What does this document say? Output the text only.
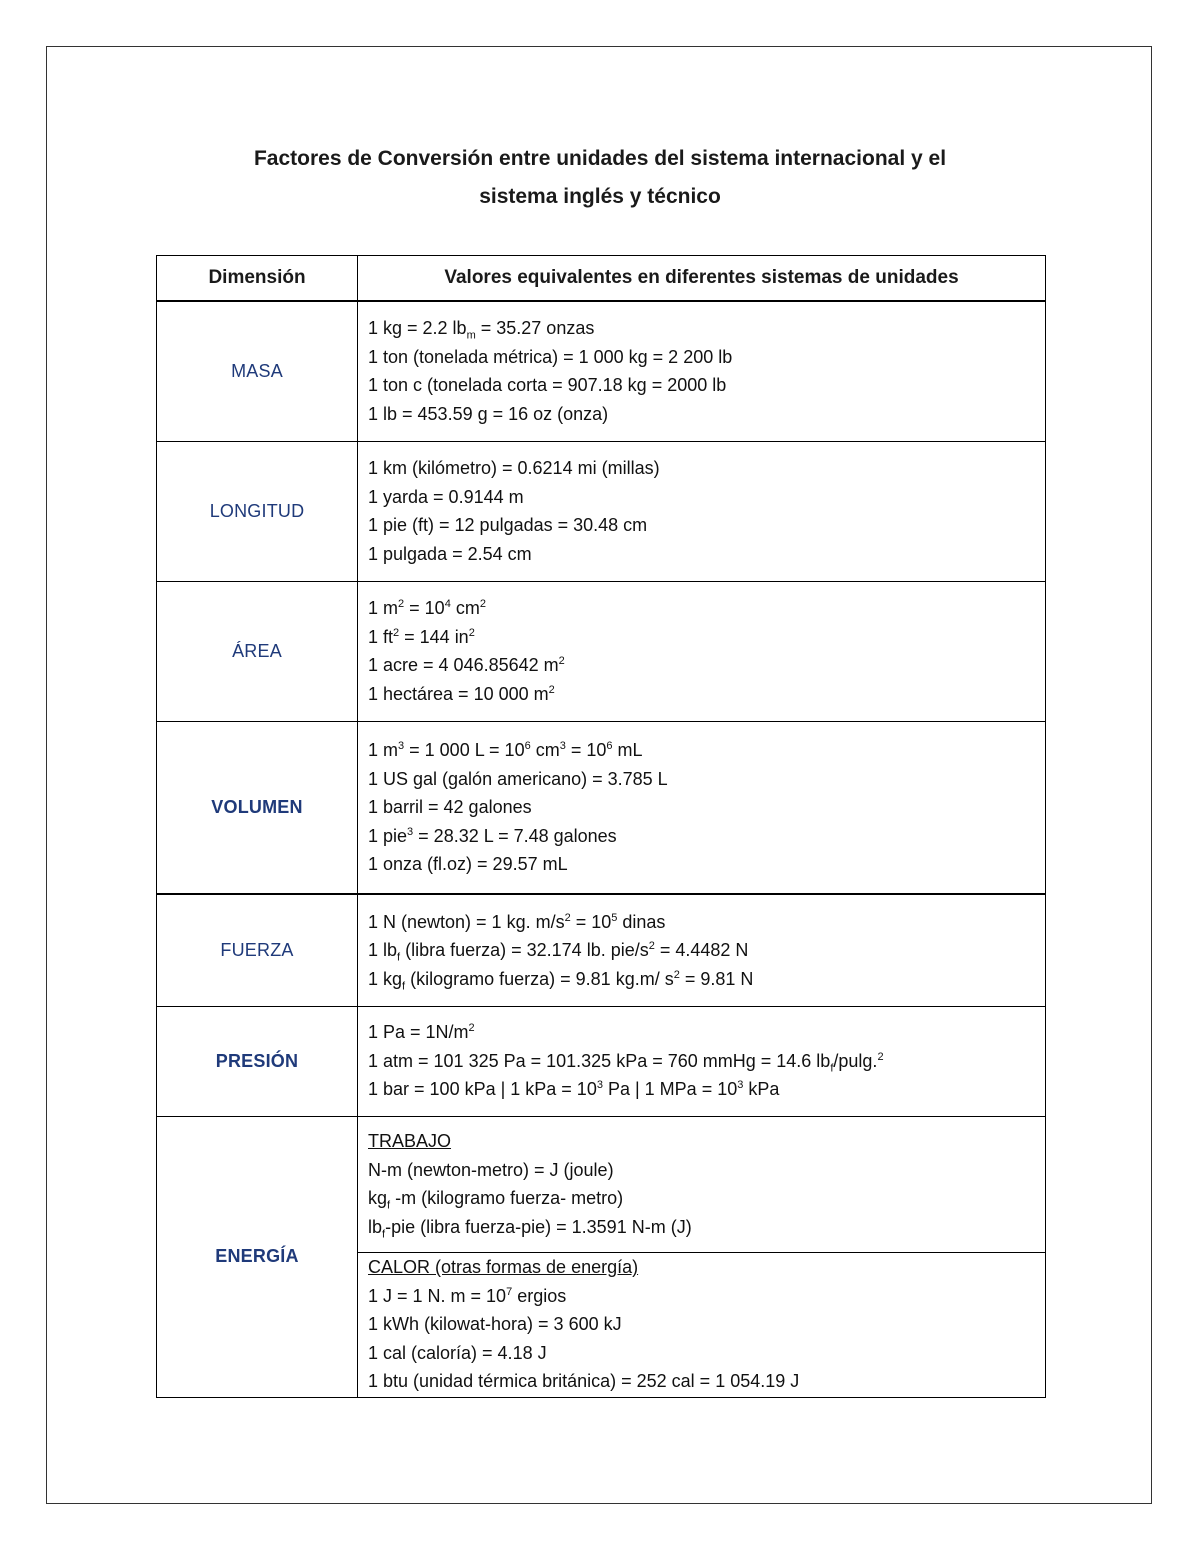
Factores de Conversión entre unidades del sistema internacional y el
sistema inglés y técnico
Dimensión	Valores equivalentes en diferentes sistemas de unidades
MASA	1 kg = 2.2 $lb_m = 35.27$ onzas
1 ton (tonelada métrica) = 1 000 kg = 2 200 lb
1 ton c (tonelada corta = 907.18 kg = 2000 lb
1 lb = 453.59 g = 16 oz (onza)

LONGITUD	1 km (kilómetro) = 0.6214 mi (millas)
1 yarda = 0.9144 m
1 pie (ft) = 12 pulgadas = 30.48 cm
1 pulgada = 2.54 cm

ÁREA	1 $m^2 = 10^4$ $cm^2$
1 $ft^2 = 144$ $in^2$
1 acre = 4 046.85642 $m^2$
1 hectárea = 10 000 $m^2$

VOLUMEN	1 $m^3 = 1$ 000 $L = 10^6$ $cm^3 = 10^6$ mL
1 US gal (galón americano) = 3.785 L
1 barril = 42 galones
1 pie$^3$ = 28.32 L = 7.48 galones
1 onza (fl.oz) = 29.57 mL

FUERZA	1 N (newton) = 1 kg. $m/s^2 = 10^5$ dinas
1 $lb_f$ (libra fuerza) = 32.174 lb. pie/$s^2 = 4.4482$ N
1 $kg_f$ (kilogramo fuerza) = 9.81 kg.m/ $s^2 = 9.81$ N

PRESIÓN	1 $Pa = 1N/m^2$
1 atm = 101 325 Pa = 101.325 kPa = 760 mmHg = 14.6 $lb_f/pulg.^2$
1 bar = 100 kPa | 1 kPa = $10^3$ Pa | 1 MPa = $10^3$ kPa

ENERGÍA	TRABAJO
N-m (newton-metro) = J (joule)
$kg_f$ -m (kilogramo fuerza- metro)
$lb_f$-pie (libra fuerza-pie) = 1.3591 N-m (J)

	CALOR (otras formas de energía)
1 J = 1 N. $m = 10^7$ ergios
1 kWh (kilowat-hora) = 3 600 kJ
1 cal (caloría) = 4.18 J
1 btu (unidad térmica británica) = 252 cal = 1 054.19 J
